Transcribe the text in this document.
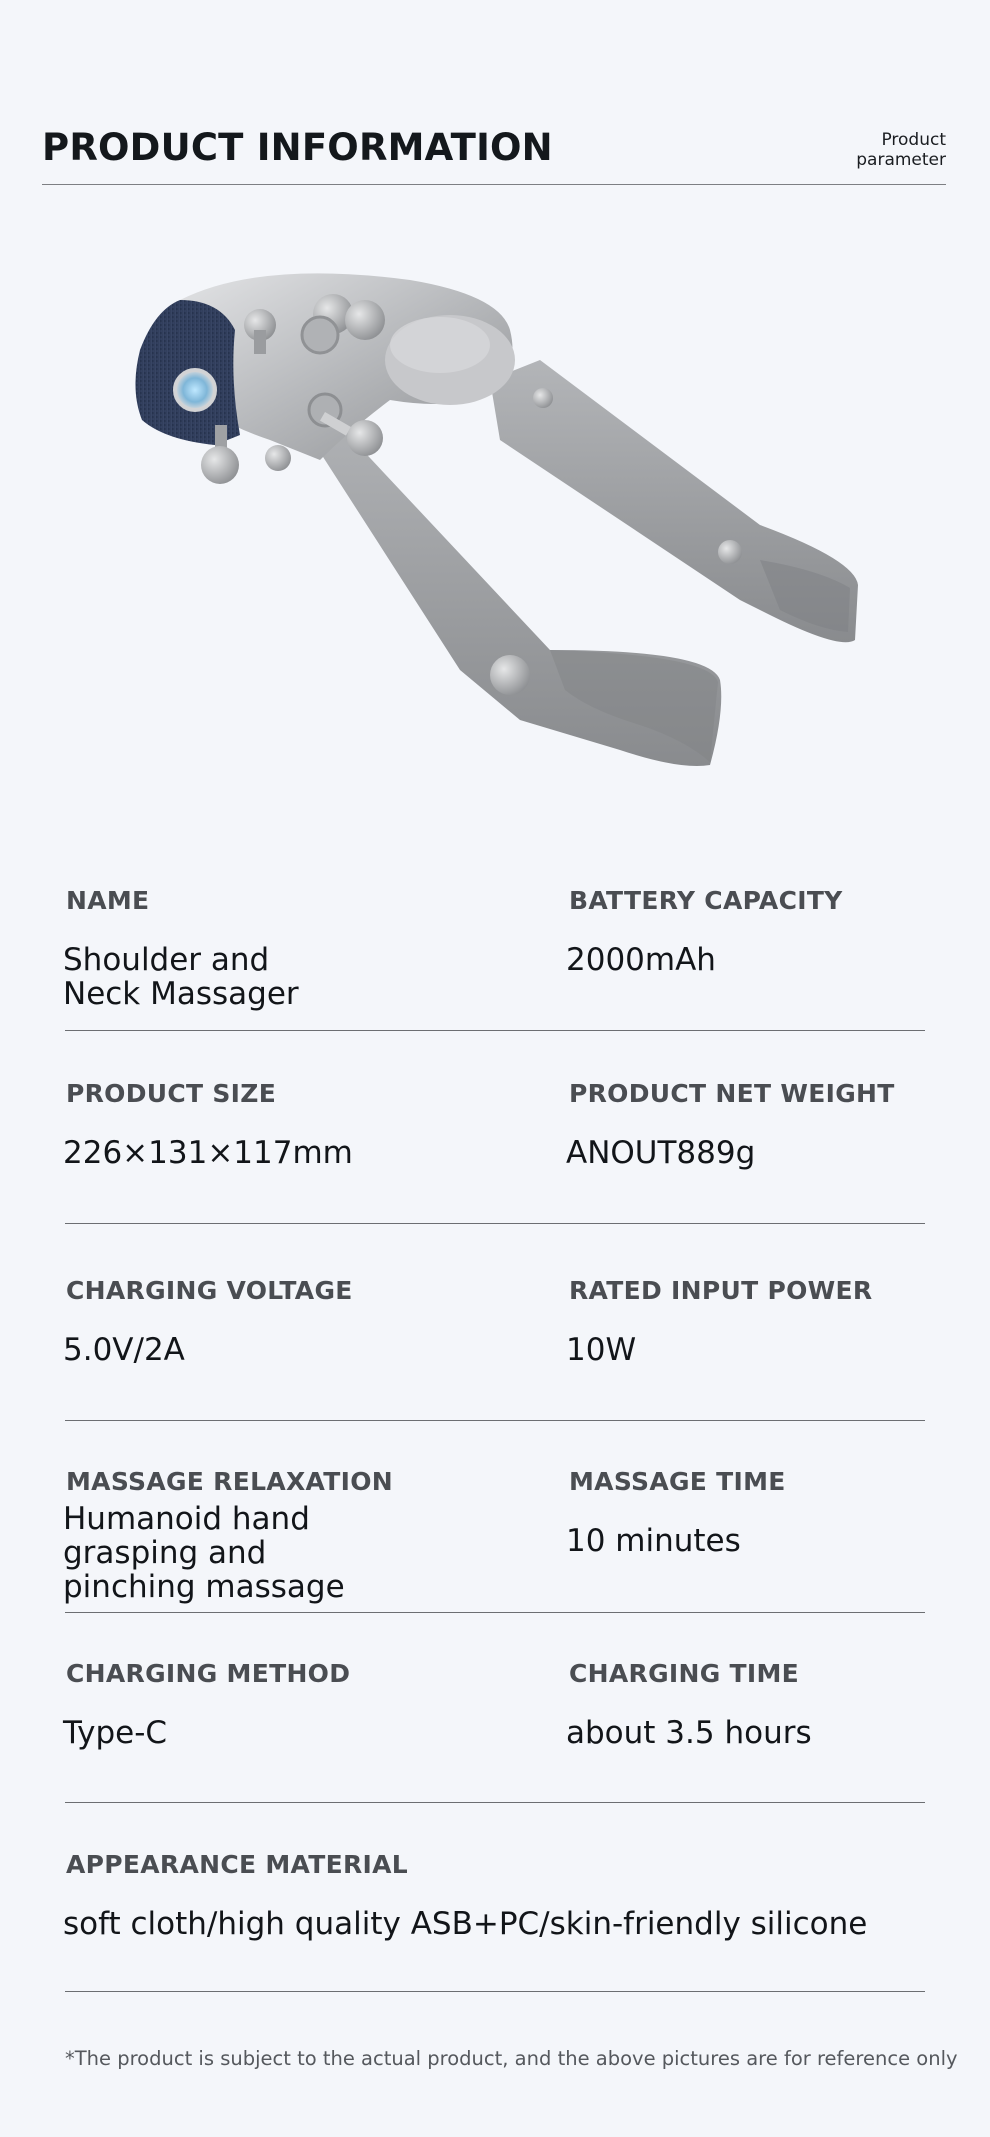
PRODUCT INFORMATION	Product
parameter
NAME
Shoulder and
Neck Massager
BATTERY CAPACITY
2000mAh
PRODUCT SIZE
226×131×117mm
PRODUCT NET WEIGHT
ANOUT889g
CHARGING VOLTAGE
5.0V/2A
RATED INPUT POWER
10W
MASSAGE RELAXATION
Humanoid hand
grasping and
pinching massage
MASSAGE TIME
10 minutes
CHARGING METHOD
Type-C
CHARGING TIME
about 3.5 hours
APPEARANCE MATERIAL
soft cloth/high quality ASB+PC/skin-friendly silicone
*The product is subject to the actual product, and the above pictures are for reference only
